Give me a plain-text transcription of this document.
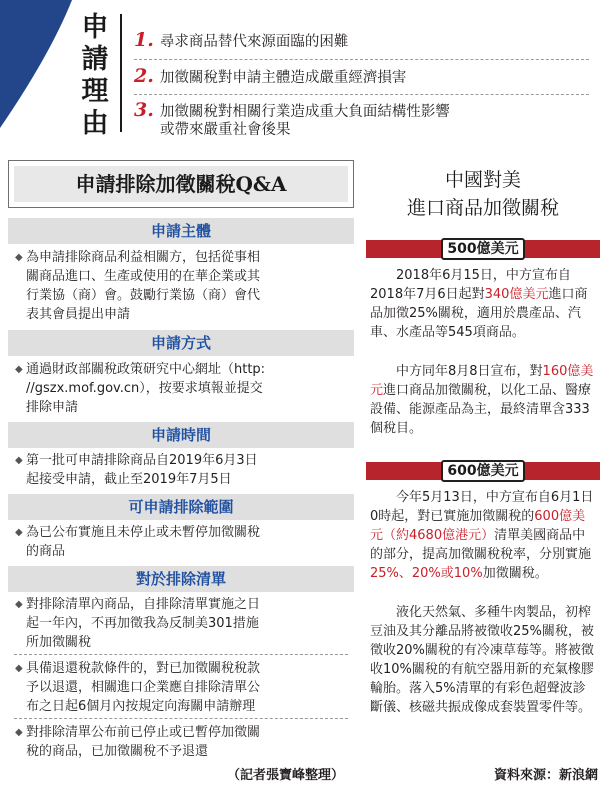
申請理由
1. 尋求商品替代來源面臨的困難
2. 加徵關稅對申請主體造成嚴重經濟損害
3. 加徵關稅對相關行業造成重大負面結構性影響
或帶來嚴重社會後果
申請排除加徵關稅Q&A
申請主體
◆ 為申請排除商品利益相關方，包括從事相
關商品進口、生產或使用的在華企業或其
行業協（商）會。鼓勵行業協（商）會代
表其會員提出申請
申請方式
◆ 通過財政部關稅政策研究中心網址（http:
//gszx.mof.gov.cn），按要求填報並提交
排除申請
申請時間
◆ 第一批可申請排除商品自2019年6月3日
起接受申請，截止至2019年7月5日
可申請排除範圍
◆ 為已公布實施且未停止或未暫停加徵關稅
的商品
對於排除清單
◆ 對排除清單內商品，自排除清單實施之日
起一年內，不再加徵我為反制美301措施
所加徵關稅
◆ 具備退還稅款條件的，對已加徵關稅稅款
予以退還，相關進口企業應自排除清單公
布之日起6個月內按規定向海關申請辦理
◆ 對排除清單公布前已停止或已暫停加徵關
稅的商品，已加徵關稅不予退還
（記者張寶峰整理）
中國對美
進口商品加徵關稅
500億美元
2018年6月15日，中方宣布自2018年7月6日起對340億美元進口商品加徵25%關稅，適用於農產品、汽車、水產品等545項商品。
中方同年8月8日宣布，對160億美元進口商品加徵關稅，以化工品、醫療設備、能源產品為主，最終清單含333個稅目。
600億美元
今年5月13日，中方宣布自6月1日0時起，對已實施加徵關稅的600億美元（約4680億港元）清單美國商品中的部分，提高加徵關稅稅率，分別實施25%、20%或10%加徵關稅。
液化天然氣、多種牛肉製品，初榨豆油及其分離品將被徵收25%關稅，被徵收20%關稅的有冷凍草莓等。將被徵收10%關稅的有航空器用新的充氣橡膠輪胎。落入5%清單的有彩色超聲波診斷儀、核磁共振成像成套裝置零件等。
資料來源：新浪網
